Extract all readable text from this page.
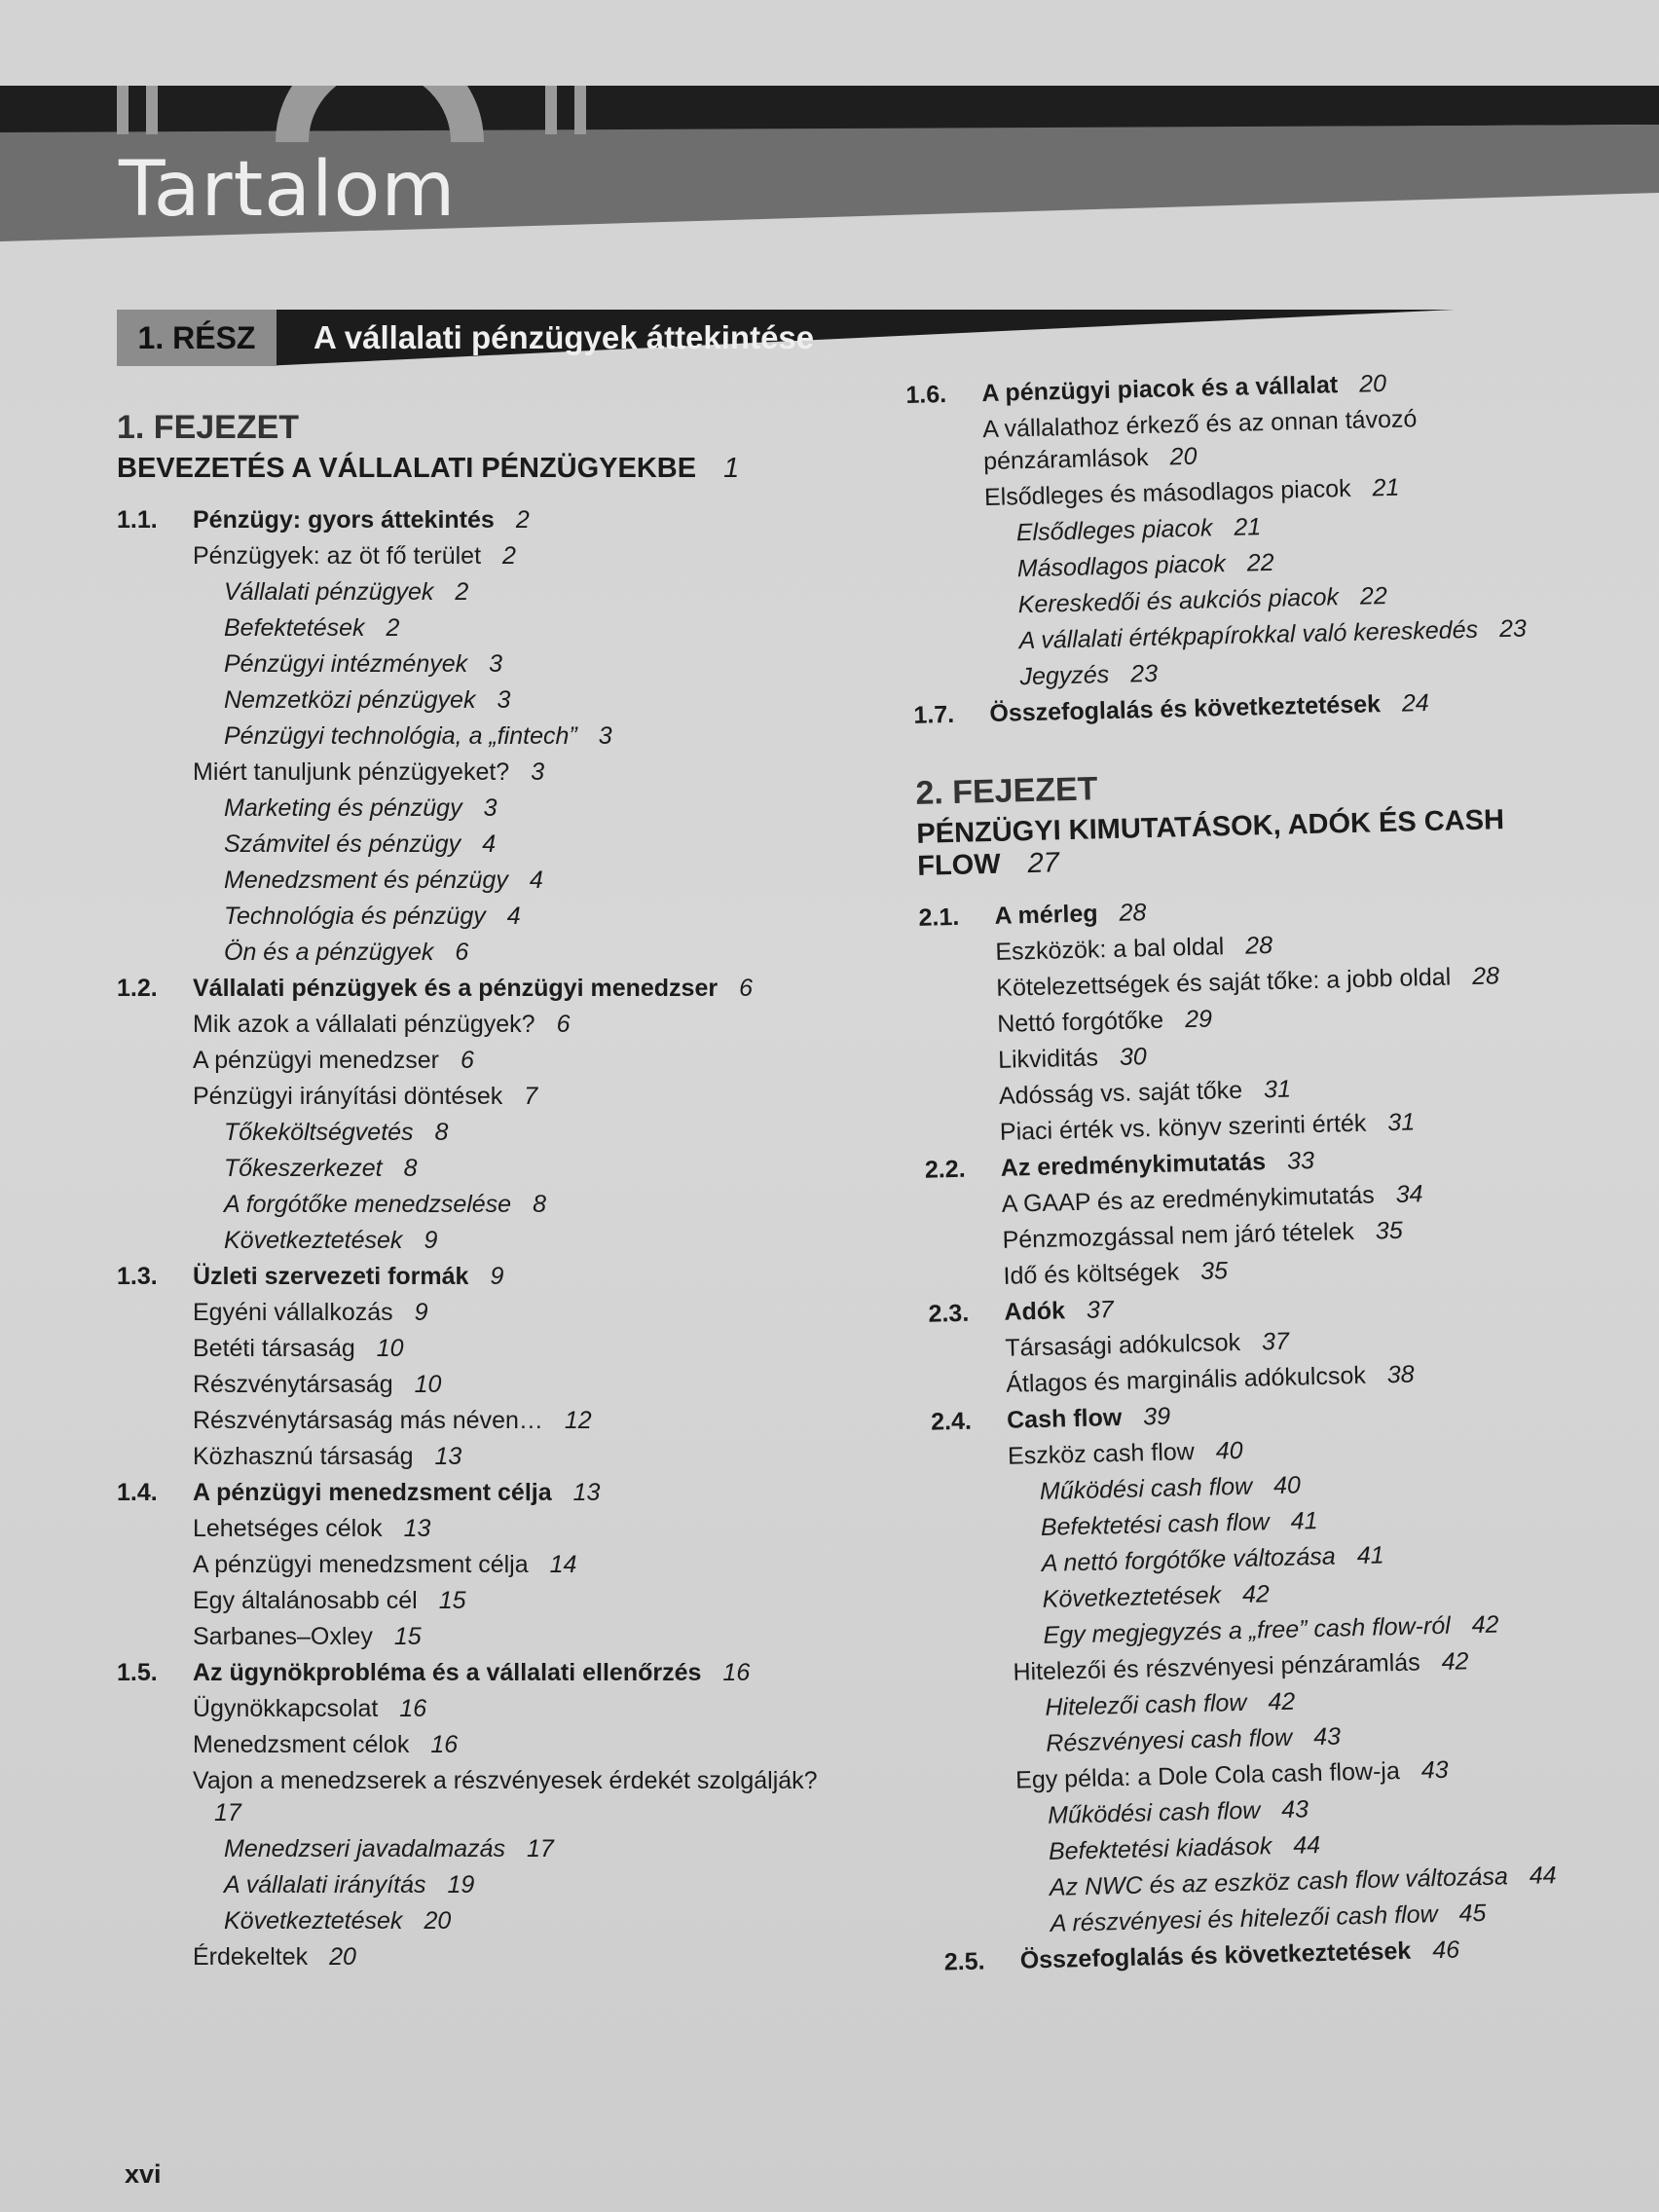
Tartalom
1. RÉSZ	A vállalati pénzügyek áttekintése
1. FEJEZET
BEVEZETÉS A VÁLLALATI PÉNZÜGYEKBE 1
1.1. Pénzügy: gyors áttekintés 2
Pénzügyek: az öt fő terület 2
Vállalati pénzügyek 2
Befektetések 2
Pénzügyi intézmények 3
Nemzetközi pénzügyek 3
Pénzügyi technológia, a „fintech” 3
Miért tanuljunk pénzügyeket? 3
Marketing és pénzügy 3
Számvitel és pénzügy 4
Menedzsment és pénzügy 4
Technológia és pénzügy 4
Ön és a pénzügyek 6
1.2. Vállalati pénzügyek és a pénzügyi menedzser 6
Mik azok a vállalati pénzügyek? 6
A pénzügyi menedzser 6
Pénzügyi irányítási döntések 7
Tőkeköltségvetés 8
Tőkeszerkezet 8
A forgótőke menedzselése 8
Következtetések 9
1.3. Üzleti szervezeti formák 9
Egyéni vállalkozás 9
Betéti társaság 10
Részvénytársaság 10
Részvénytársaság más néven… 12
Közhasznú társaság 13
1.4. A pénzügyi menedzsment célja 13
Lehetséges célok 13
A pénzügyi menedzsment célja 14
Egy általánosabb cél 15
Sarbanes–Oxley 15
1.5. Az ügynökprobléma és a vállalati ellenőrzés 16
Ügynökkapcsolat 16
Menedzsment célok 16
Vajon a menedzserek a részvényesek érdekét szolgálják?17
Menedzseri javadalmazás 17
A vállalati irányítás 19
Következtetések 20
Érdekeltek 20
1.6. A pénzügyi piacok és a vállalat 20
A vállalathoz érkező és az onnan távozó pénzáramlások 20
Elsődleges és másodlagos piacok 21
Elsődleges piacok 21
Másodlagos piacok 22
Kereskedői és aukciós piacok 22
A vállalati értékpapírokkal való kereskedés 23
Jegyzés 23
1.7. Összefoglalás és következtetések 24
2. FEJEZET
PÉNZÜGYI KIMUTATÁSOK, ADÓK ÉS CASH FLOW 27
2.1. A mérleg 28
Eszközök: a bal oldal 28
Kötelezettségek és saját tőke: a jobb oldal 28
Nettó forgótőke 29
Likviditás 30
Adósság vs. saját tőke 31
Piaci érték vs. könyv szerinti érték 31
2.2. Az eredménykimutatás 33
A GAAP és az eredménykimutatás 34
Pénzmozgással nem járó tételek 35
Idő és költségek 35
2.3. Adók 37
Társasági adókulcsok 37
Átlagos és marginális adókulcsok 38
2.4. Cash flow 39
Eszköz cash flow 40
Működési cash flow 40
Befektetési cash flow 41
A nettó forgótőke változása 41
Következtetések 42
Egy megjegyzés a „free” cash flow-ról 42
Hitelezői és részvényesi pénzáramlás 42
Hitelezői cash flow 42
Részvényesi cash flow 43
Egy példa: a Dole Cola cash flow-ja 43
Működési cash flow 43
Befektetési kiadások 44
Az NWC és az eszköz cash flow változása 44
A részvényesi és hitelezői cash flow 45
2.5. Összefoglalás és következtetések 46
xvi
